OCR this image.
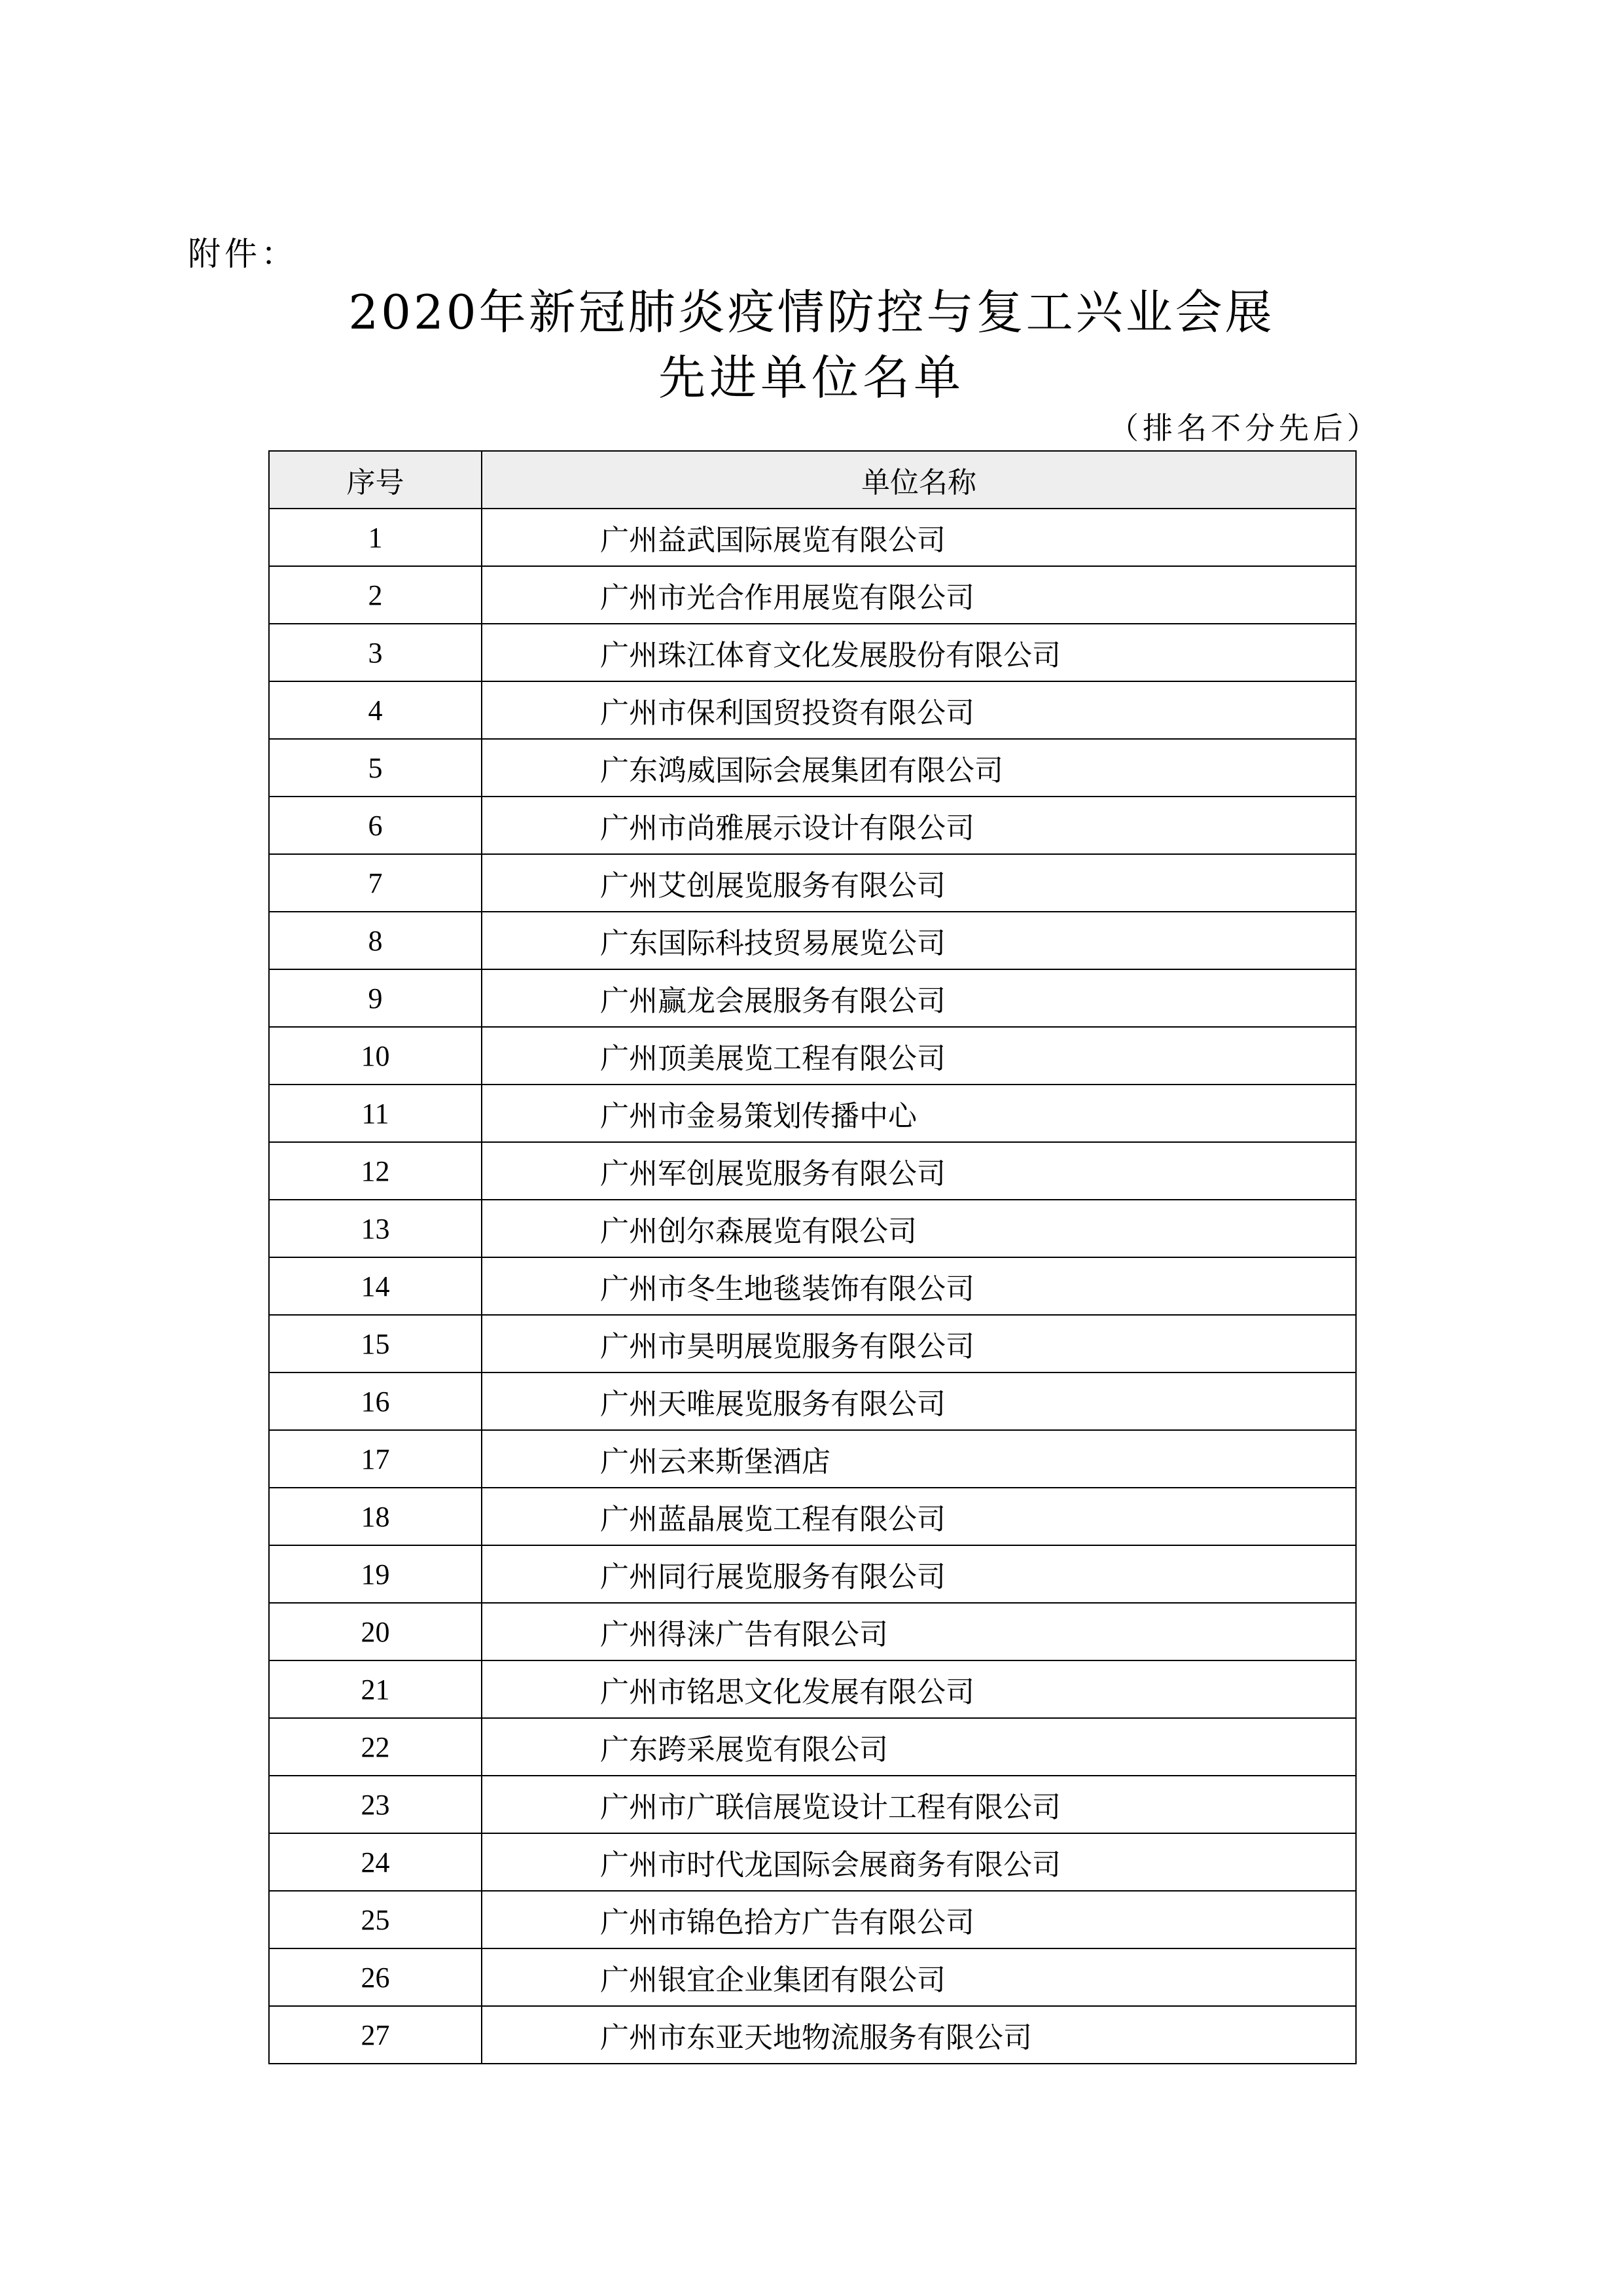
附件：
2020年新冠肺炎疫情防控与复工兴业会展
先进单位名单
（排名不分先后）
序号	单位名称
1	广州益武国际展览有限公司
2	广州市光合作用展览有限公司
3	广州珠江体育文化发展股份有限公司
4	广州市保利国贸投资有限公司
5	广东鸿威国际会展集团有限公司
6	广州市尚雅展示设计有限公司
7	广州艾创展览服务有限公司
8	广东国际科技贸易展览公司
9	广州赢龙会展服务有限公司
10	广州顶美展览工程有限公司
11	广州市金易策划传播中心
12	广州军创展览服务有限公司
13	广州创尔森展览有限公司
14	广州市冬生地毯装饰有限公司
15	广州市昊明展览服务有限公司
16	广州天唯展览服务有限公司
17	广州云来斯堡酒店
18	广州蓝晶展览工程有限公司
19	广州同行展览服务有限公司
20	广州得涞广告有限公司
21	广州市铭思文化发展有限公司
22	广东跨采展览有限公司
23	广州市广联信展览设计工程有限公司
24	广州市时代龙国际会展商务有限公司
25	广州市锦色拾方广告有限公司
26	广州银宜企业集团有限公司
27	广州市东亚天地物流服务有限公司
